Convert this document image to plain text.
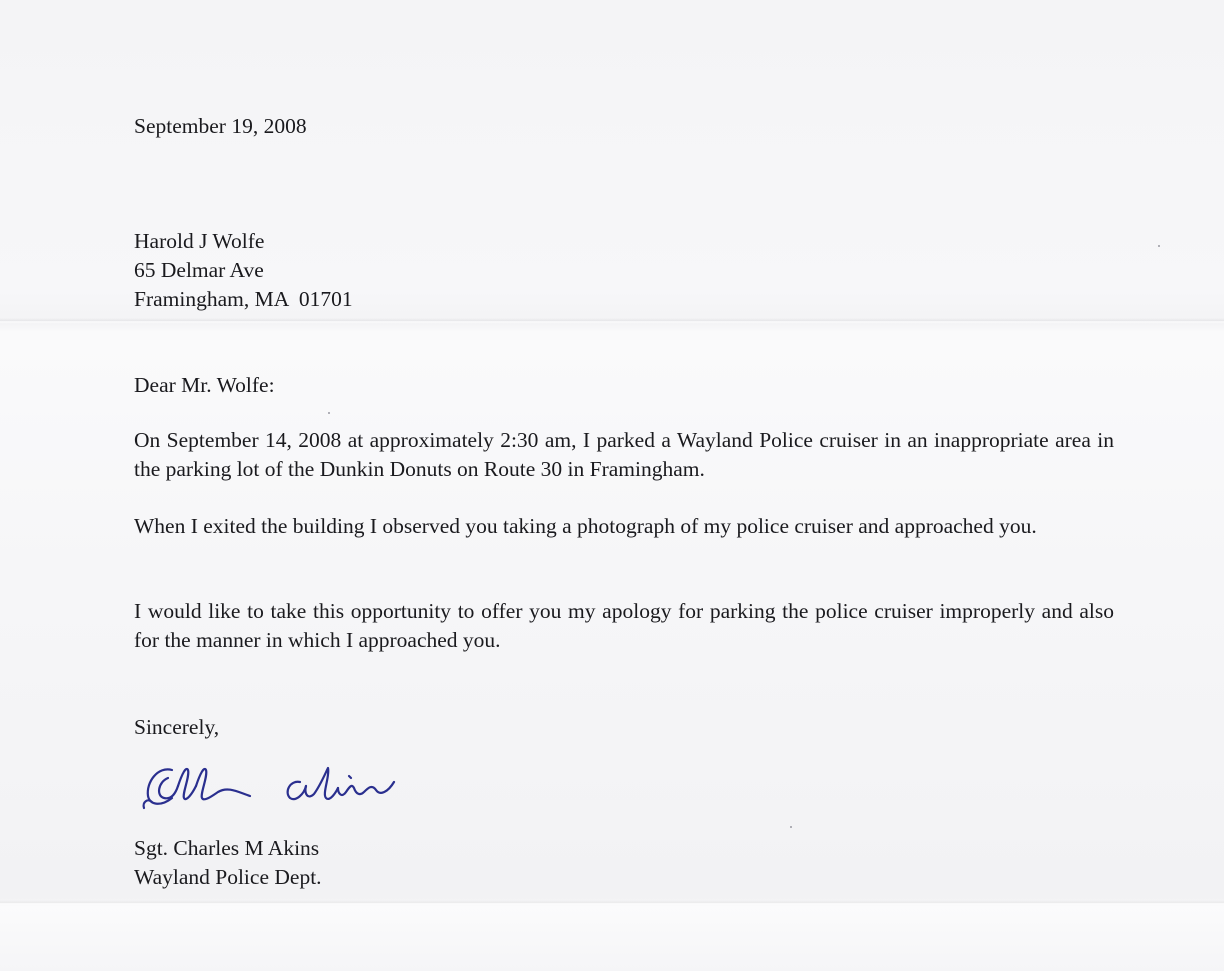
September 19, 2008

Harold J Wolfe
65 Delmar Ave
Framingham, MA  01701

Dear Mr. Wolfe:

On September 14, 2008 at approximately 2:30 am, I parked a Wayland Police cruiser in an inappropriate area in the parking lot of the Dunkin Donuts on Route 30 in Framingham.

When I exited the building I observed you taking a photograph of my police cruiser and approached you.

I would like to take this opportunity to offer you my apology for parking the police cruiser improperly and also for the manner in which I approached you.

Sincerely,

Sgt. Charles M Akins
Wayland Police Dept.
